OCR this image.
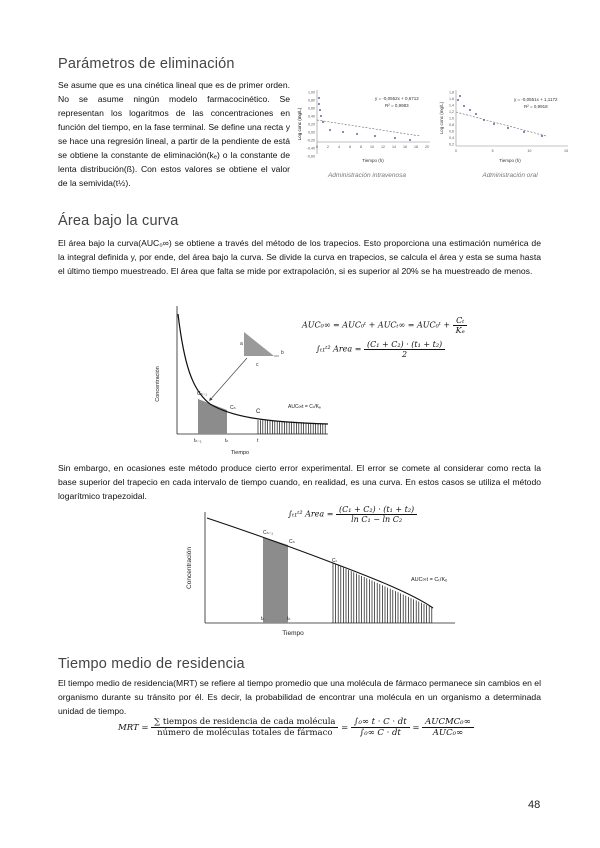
Parámetros de eliminación
Se asume que es una cinética lineal que es de primer orden. No se asume ningún modelo farmacocinético. Se representan los logaritmos de las concentraciones en función del tiempo, en la fase terminal. Se define una recta y se hace una regresión lineal, a partir de la pendiente de está se obtiene la constante de eliminación(kₑ) o la constante de lenta distribución(ß). Con estos valores se obtiene el valor de la semivida(t½).
1,00
0,80
0,60
0,40
0,20
0,00
-0,20
-0,40
-0,60
0	2	4	6	8 10 12 14 16 18 20
Log conc (mg/L)
Tiempo (h)
y = -0,0552x + 0,6712
R² = 0,9983
Administración intravenosa
1,8
1,6
1,4
1,2
1,0
0,8
0,6
0,4
0,2
0	5	10	15
Log conc (mg/L)
Tiempo (h)
y = -0,0551x + 1,1172
R² = 0,9918
Administración oral
Área bajo la curva
El área bajo la curva(AUC₀∞) se obtiene a través del método de los trapecios. Esto proporciona una estimación numérica de la integral definida y, por ende, del área bajo la curva. Se divide la curva en trapecios, se calcula el área y esta se suma hasta el último tiempo muestreado. El área que falta se mide por extrapolación, si es superior al 20% se ha muestreado de menos.
a
b
c
Cₙ₋₁
Cₙ
C
tₙ₋₁	tₙ	t
AUC∞t = Cₜ/Kₑ
Concentración
Tiempo
AUC₀∞ = AUC₀ᵗ + AUCₜ∞ = AUC₀ᵗ + $\frac{\text{Cₜ}}{\text{Kₑ}}$
∫ₜ₁ᵗ² Area = $\frac{\text{(C₁ + C₂) · (t₁ + t₂)}}{2}$
Sin embargo, en ocasiones este método produce cierto error experimental. El error se comete al considerar como recta la base superior del trapecio en cada intervalo de tiempo cuando, en realidad, es una curva. En estos casos se utiliza el método logarítmico trapezoidal.
∫ₜ₁ᵗ² Area = $\frac{\text{(C₁ + C₂) · (t₁ + t₂)}}{\text{ln C₁ − ln C₂}}$
Cₙ₋₁
Cₙ
Cₜ
tₙ	tₙ
AUC∞t = Cₜ/Kₑ
Concentración
Tiempo
Tiempo medio de residencia
El tiempo medio de residencia(MRT) se refiere al tiempo promedio que una molécula de fármaco permanece sin cambios en el organismo durante su tránsito por él. Es decir, la probabilidad de encontrar una molécula en un organismo a determinada unidad de tiempo.
MRT = $\frac{\text{∑ tiempos de residencia de cada molécula}}{\text{número de moléculas totales de fármaco}} = \frac{\text{∫₀∞ t · C · dt}}{\text{∫₀∞ C · dt}} = \frac{\text{AUCMC₀∞}}{\text{AUC₀∞}}$
48
